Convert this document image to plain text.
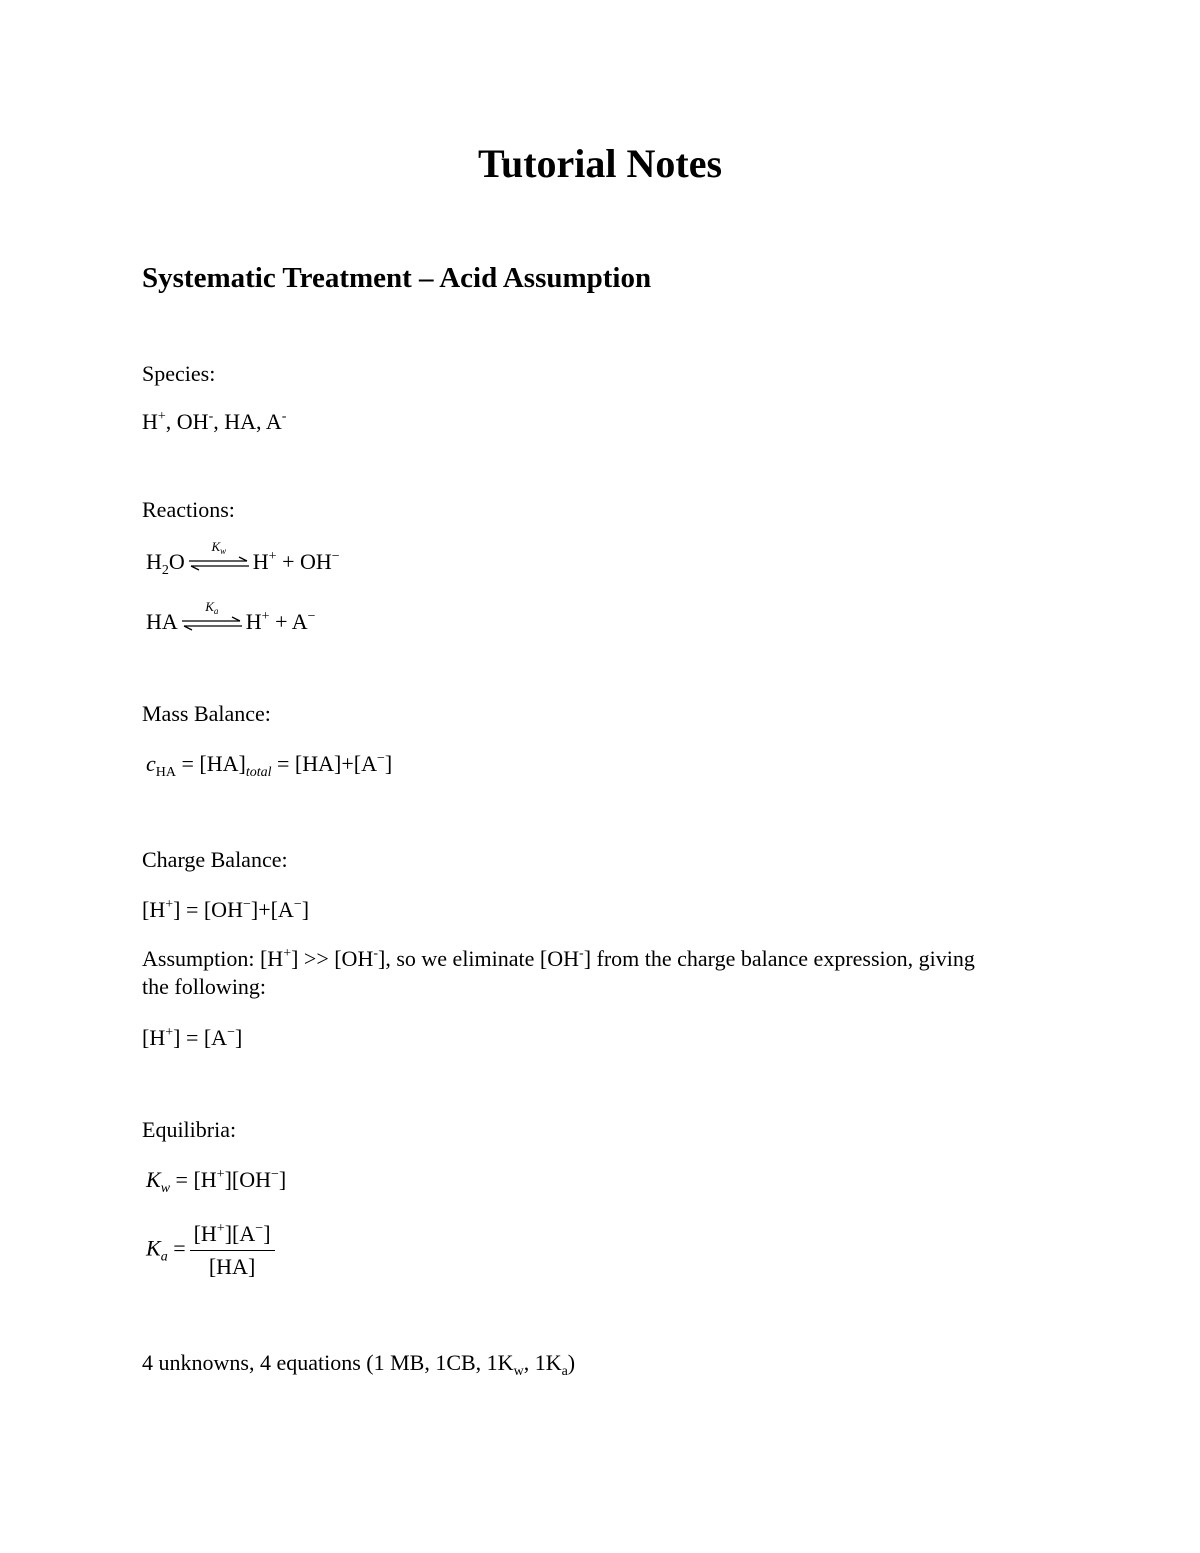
Tutorial Notes
Systematic Treatment – Acid Assumption
Species:
H+, OH-, HA, A-
Reactions:
$H_2O$
$K_w$	H+ + OH−
HA
$K_a$	H+ + A−
Mass Balance:
$c_{HA} = [HA]_{total} = [HA]+[A^-]$
Charge Balance:
[H+] = [OH−]+[A−]
Assumption: [H+] >> [OH-], so we eliminate [OH-] from the charge balance expression, giving
the following:
[H+] = [A−]
Equilibria:
$K_w = [H^+][OH^-]$
$K_a = \frac{[H^+][A^-]}{[HA]}$
4 unknowns, 4 equations (1 MB, 1CB, $1K_w$, $1K_a$)
